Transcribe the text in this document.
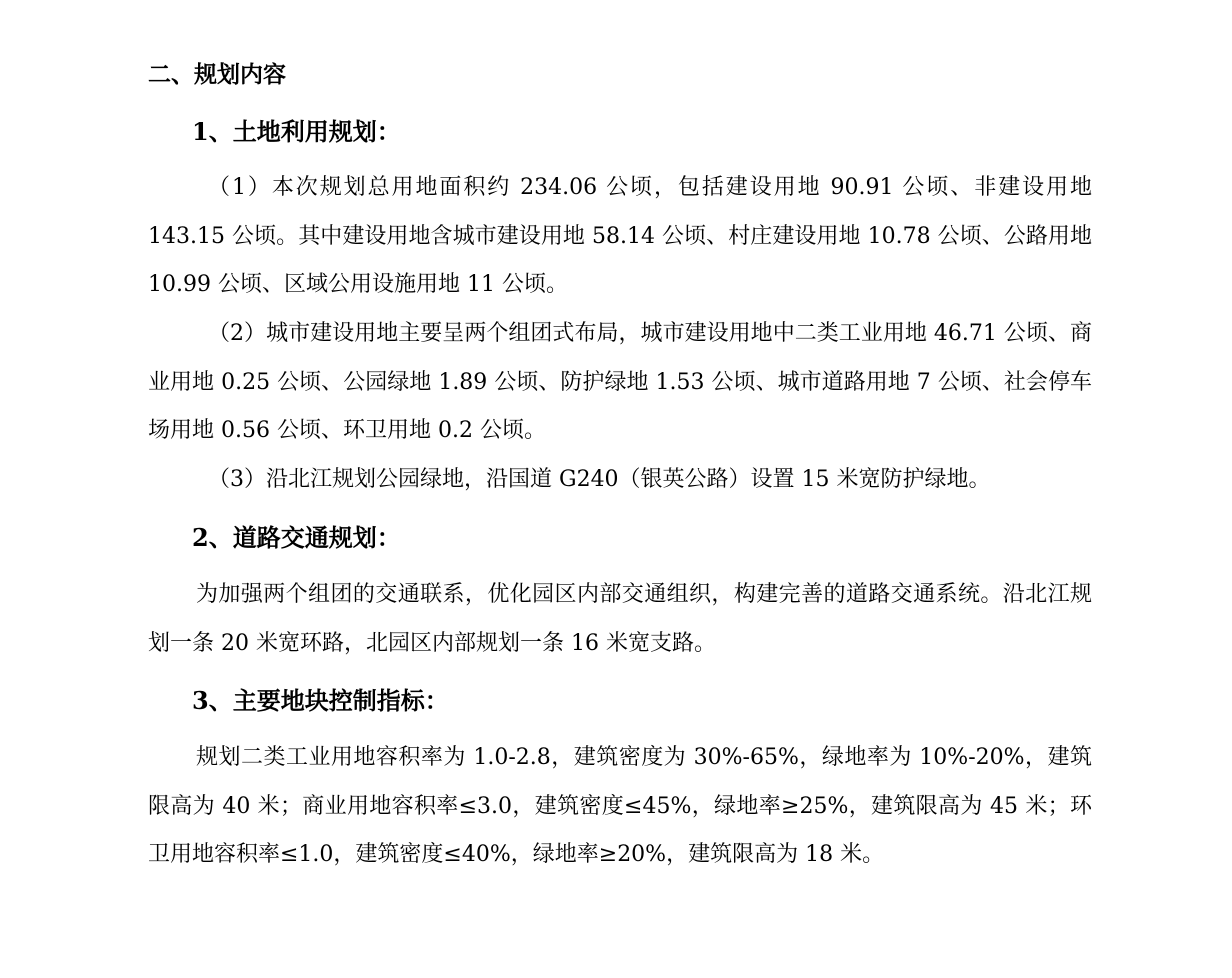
二、规划内容
1、土地利用规划：

（1）本次规划总用地面积约 234.06 公顷，包括建设用地 90.91 公顷、非建设用地 143.15 公顷。其中建设用地含城市建设用地 58.14 公顷、村庄建设用地 10.78 公顷、公路用地 10.99 公顷、区域公用设施用地 11 公顷。

（2）城市建设用地主要呈两个组团式布局，城市建设用地中二类工业用地 46.71 公顷、商业用地 0.25 公顷、公园绿地 1.89 公顷、防护绿地 1.53 公顷、城市道路用地 7 公顷、社会停车场用地 0.56 公顷、环卫用地 0.2 公顷。

（3）沿北江规划公园绿地，沿国道 G240（银英公路）设置 15 米宽防护绿地。

2、道路交通规划：

为加强两个组团的交通联系，优化园区内部交通组织，构建完善的道路交通系统。沿北江规划一条 20 米宽环路，北园区内部规划一条 16 米宽支路。

3、主要地块控制指标：

规划二类工业用地容积率为 1.0-2.8，建筑密度为 30%-65%，绿地率为 10%-20%，建筑限高为 40 米；商业用地容积率≤3.0，建筑密度≤45%，绿地率≥25%，建筑限高为 45 米；环卫用地容积率≤1.0，建筑密度≤40%，绿地率≥20%，建筑限高为 18 米。
